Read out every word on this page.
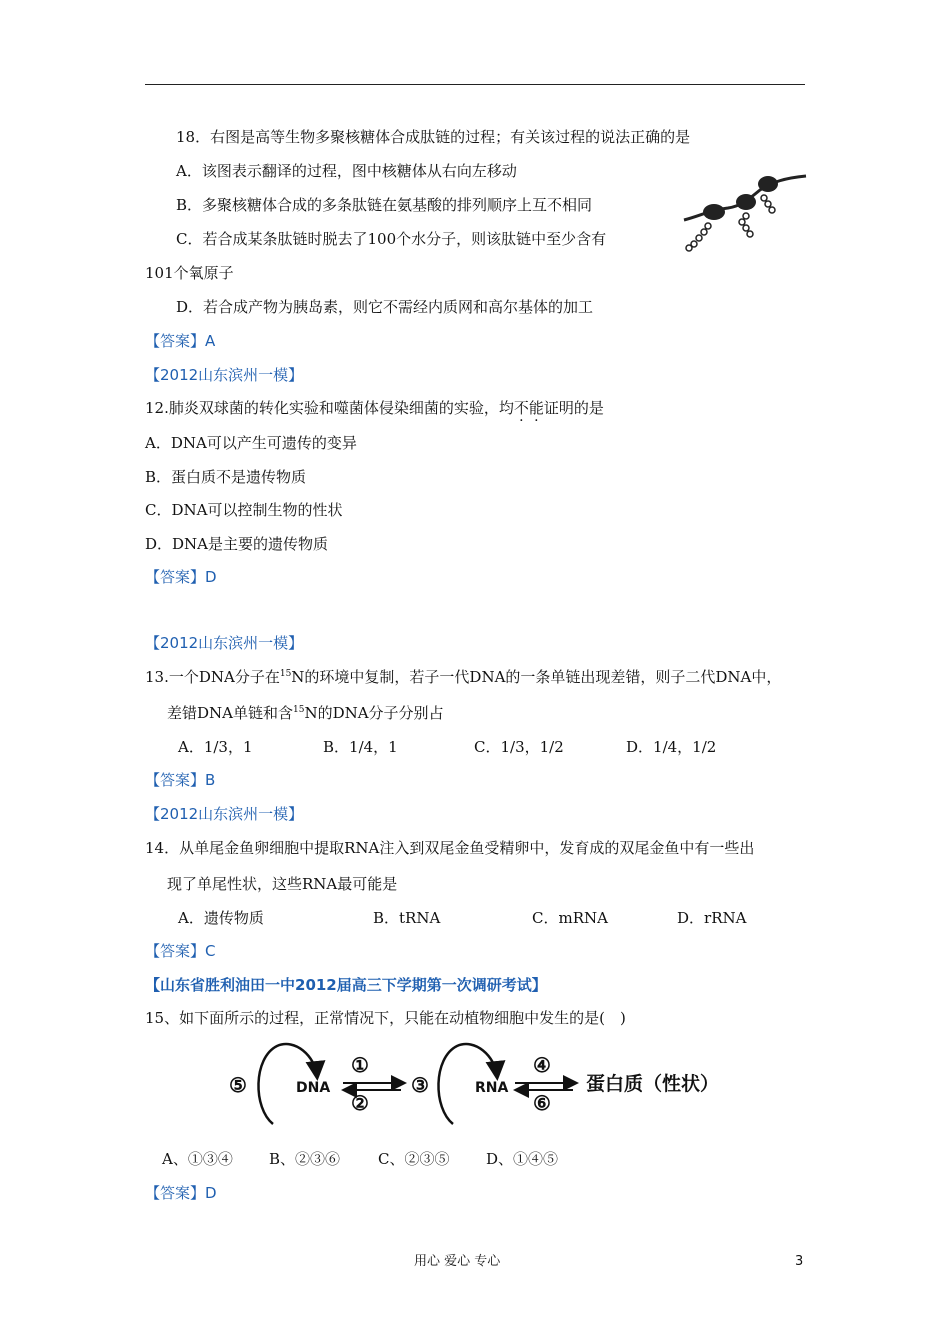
18．右图是高等生物多聚核糖体合成肽链的过程；有关该过程的说法正确的是
A．该图表示翻译的过程，图中核糖体从右向左移动
B．多聚核糖体合成的多条肽链在氨基酸的排列顺序上互不相同
C．若合成某条肽链时脱去了100个水分子，则该肽链中至少含有
101个氧原子
D．若合成产物为胰岛素，则它不需经内质网和高尔基体的加工
【答案】A
【2012山东滨州一模】
12.肺炎双球菌的转化实验和噬菌体侵染细菌的实验，均不能证明的是
A．DNA可以产生可遗传的变异
B．蛋白质不是遗传物质
C．DNA可以控制生物的性状
D．DNA是主要的遗传物质
【答案】D
【2012山东滨州一模】
13.一个DNA分子在$^{15}$N的环境中复制，若子一代DNA的一条单链出现差错，则子二代DNA中，
差错DNA单链和含$^{15}$N的DNA分子分别占
A．1/3，1	B．1/4，1	C．1/3，1/2	D．1/4，1/2
【答案】B
【2012山东滨州一模】
14．从单尾金鱼卵细胞中提取RNA注入到双尾金鱼受精卵中，发育成的双尾金鱼中有一些出
现了单尾性状，这些RNA最可能是
A．遗传物质	B．tRNA	C．mRNA	D．rRNA
【答案】C
【山东省胜利油田一中2012届高三下学期第一次调研考试】
15、如下面所示的过程，正常情况下，只能在动植物细胞中发生的是(　)
⑤	DNA
①
②
③	RNA
④
⑥
蛋白质（性状）
A、①③④ B、②③⑥	C、②③⑤ D、①④⑤
【答案】D
用心 爱心 专心	3
